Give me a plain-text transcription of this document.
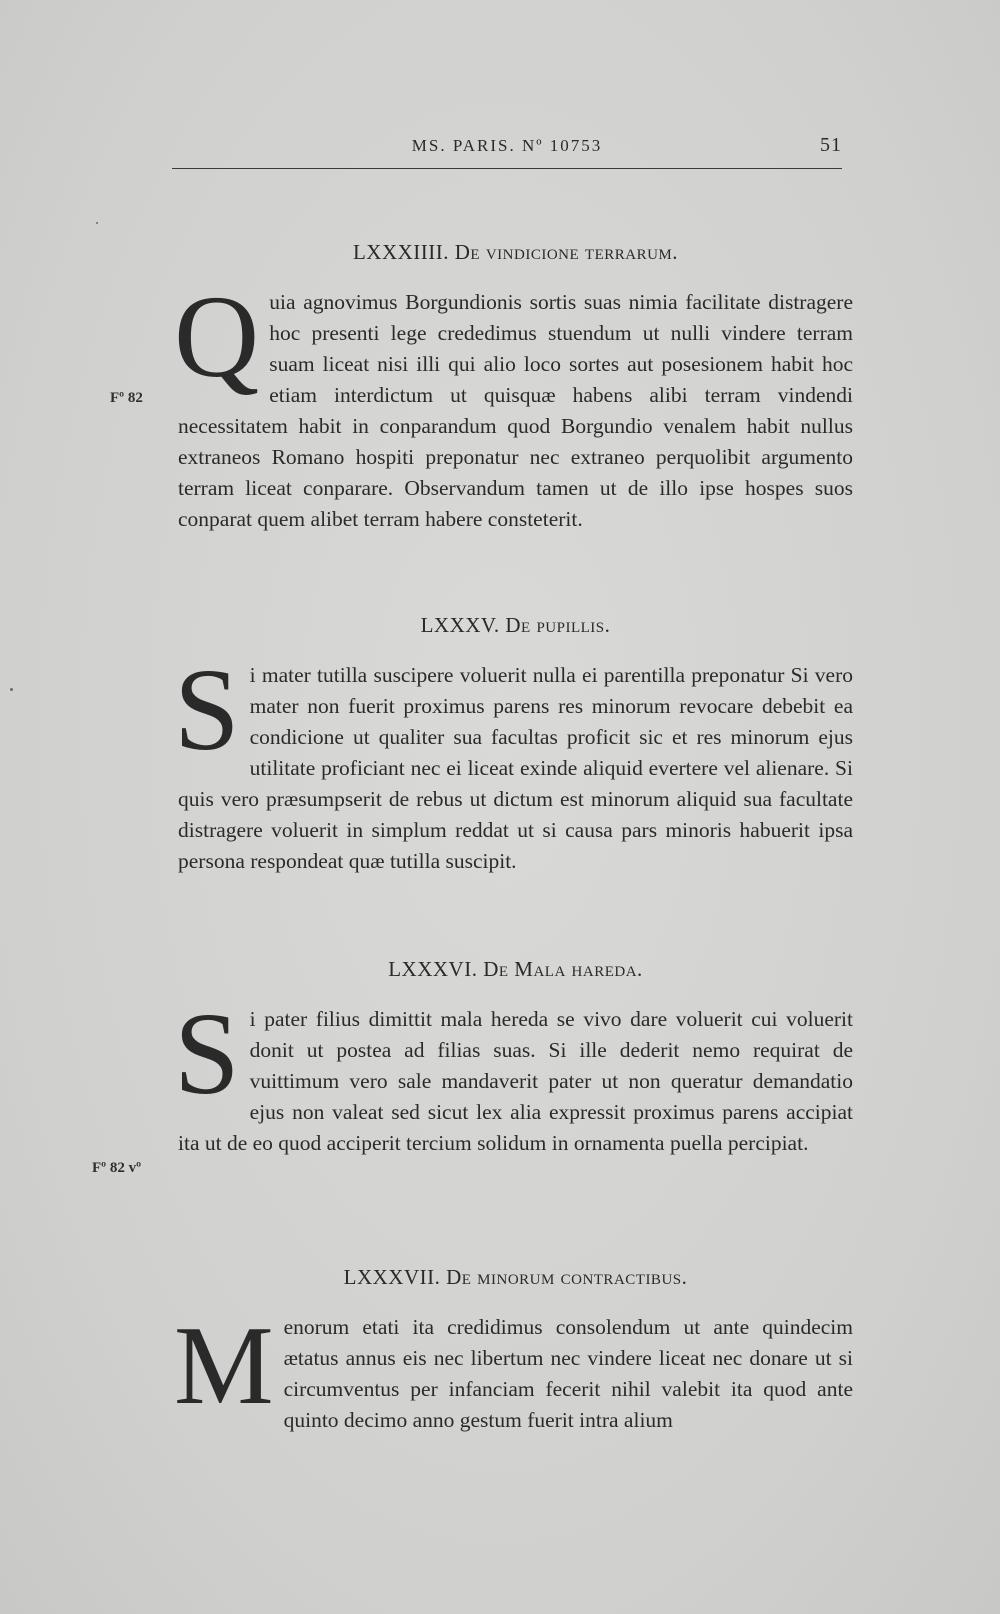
MS. PARIS. Nº 10753	51
LXXXIIII. De vindicione terrarum.

Quia agnovimus Borgundionis sortis suas nimia facilitate distragere hoc presenti lege crededimus stuendum ut nulli vindere terram suam liceat nisi illi qui alio loco sortes aut posesionem habit hoc etiam interdictum ut quisquæ habens alibi terram vindendi necessitatem habit in conparandum quod Borgundio venalem habit nullus extraneos Romano hospiti preponatur nec extraneo perquolibit argumento terram liceat conparare. Observandum tamen ut de illo ipse hospes suos conparat quem alibet terram habere consteterit.

Fº 82
LXXXV. De pupillis.

Si mater tutilla suscipere voluerit nulla ei parentilla preponatur Si vero mater non fuerit proximus parens res minorum revocare debebit ea condicione ut qualiter sua facultas proficit sic et res minorum ejus utilitate proficiant nec ei liceat exinde aliquid evertere vel alienare. Si quis vero præsumpserit de rebus ut dictum est minorum aliquid sua facultate distragere voluerit in simplum reddat ut si causa pars minoris habuerit ipsa persona respondeat quæ tutilla suscipit.

LXXXVI. De Mala hareda.

Si pater filius dimittit mala hereda se vivo dare voluerit cui voluerit donit ut postea ad filias suas. Si ille dederit nemo requirat de vuittimum vero sale mandaverit pater ut non queratur demandatio ejus non valeat sed sicut lex alia expressit proximus parens accipiat ita ut de eo quod acciperit tercium solidum in ornamenta puella percipiat.

Fº 82 vº
LXXXVII. De minorum contractibus.

Menorum etati ita credidimus consolendum ut ante quindecim ætatus annus eis nec libertum nec vindere liceat nec donare ut si circumventus per infanciam fecerit nihil valebit ita quod ante quinto decimo anno gestum fuerit intra alium
